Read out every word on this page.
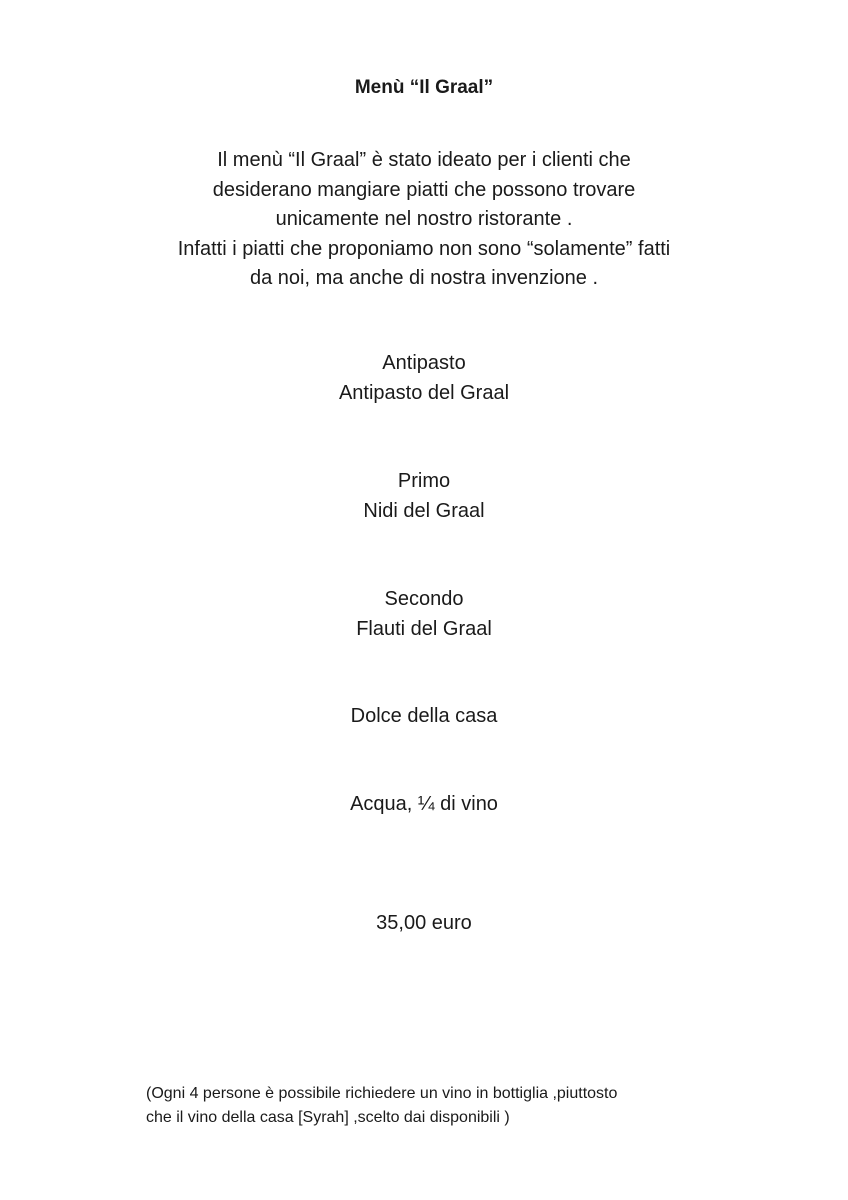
Menù “Il Graal”
Il menù “Il Graal” è stato ideato per i clienti che
desiderano mangiare piatti che possono trovare
unicamente nel nostro ristorante .
Infatti i piatti che proponiamo non sono “solamente” fatti
da noi, ma anche di nostra invenzione .
Antipasto
Antipasto del Graal
Primo
Nidi del Graal
Secondo
Flauti del Graal
Dolce della casa
Acqua, ¼ di vino
35,00 euro
(Ogni 4 persone è possibile richiedere un vino in bottiglia ,piuttosto
che il vino della casa [Syrah] ,scelto dai disponibili )
